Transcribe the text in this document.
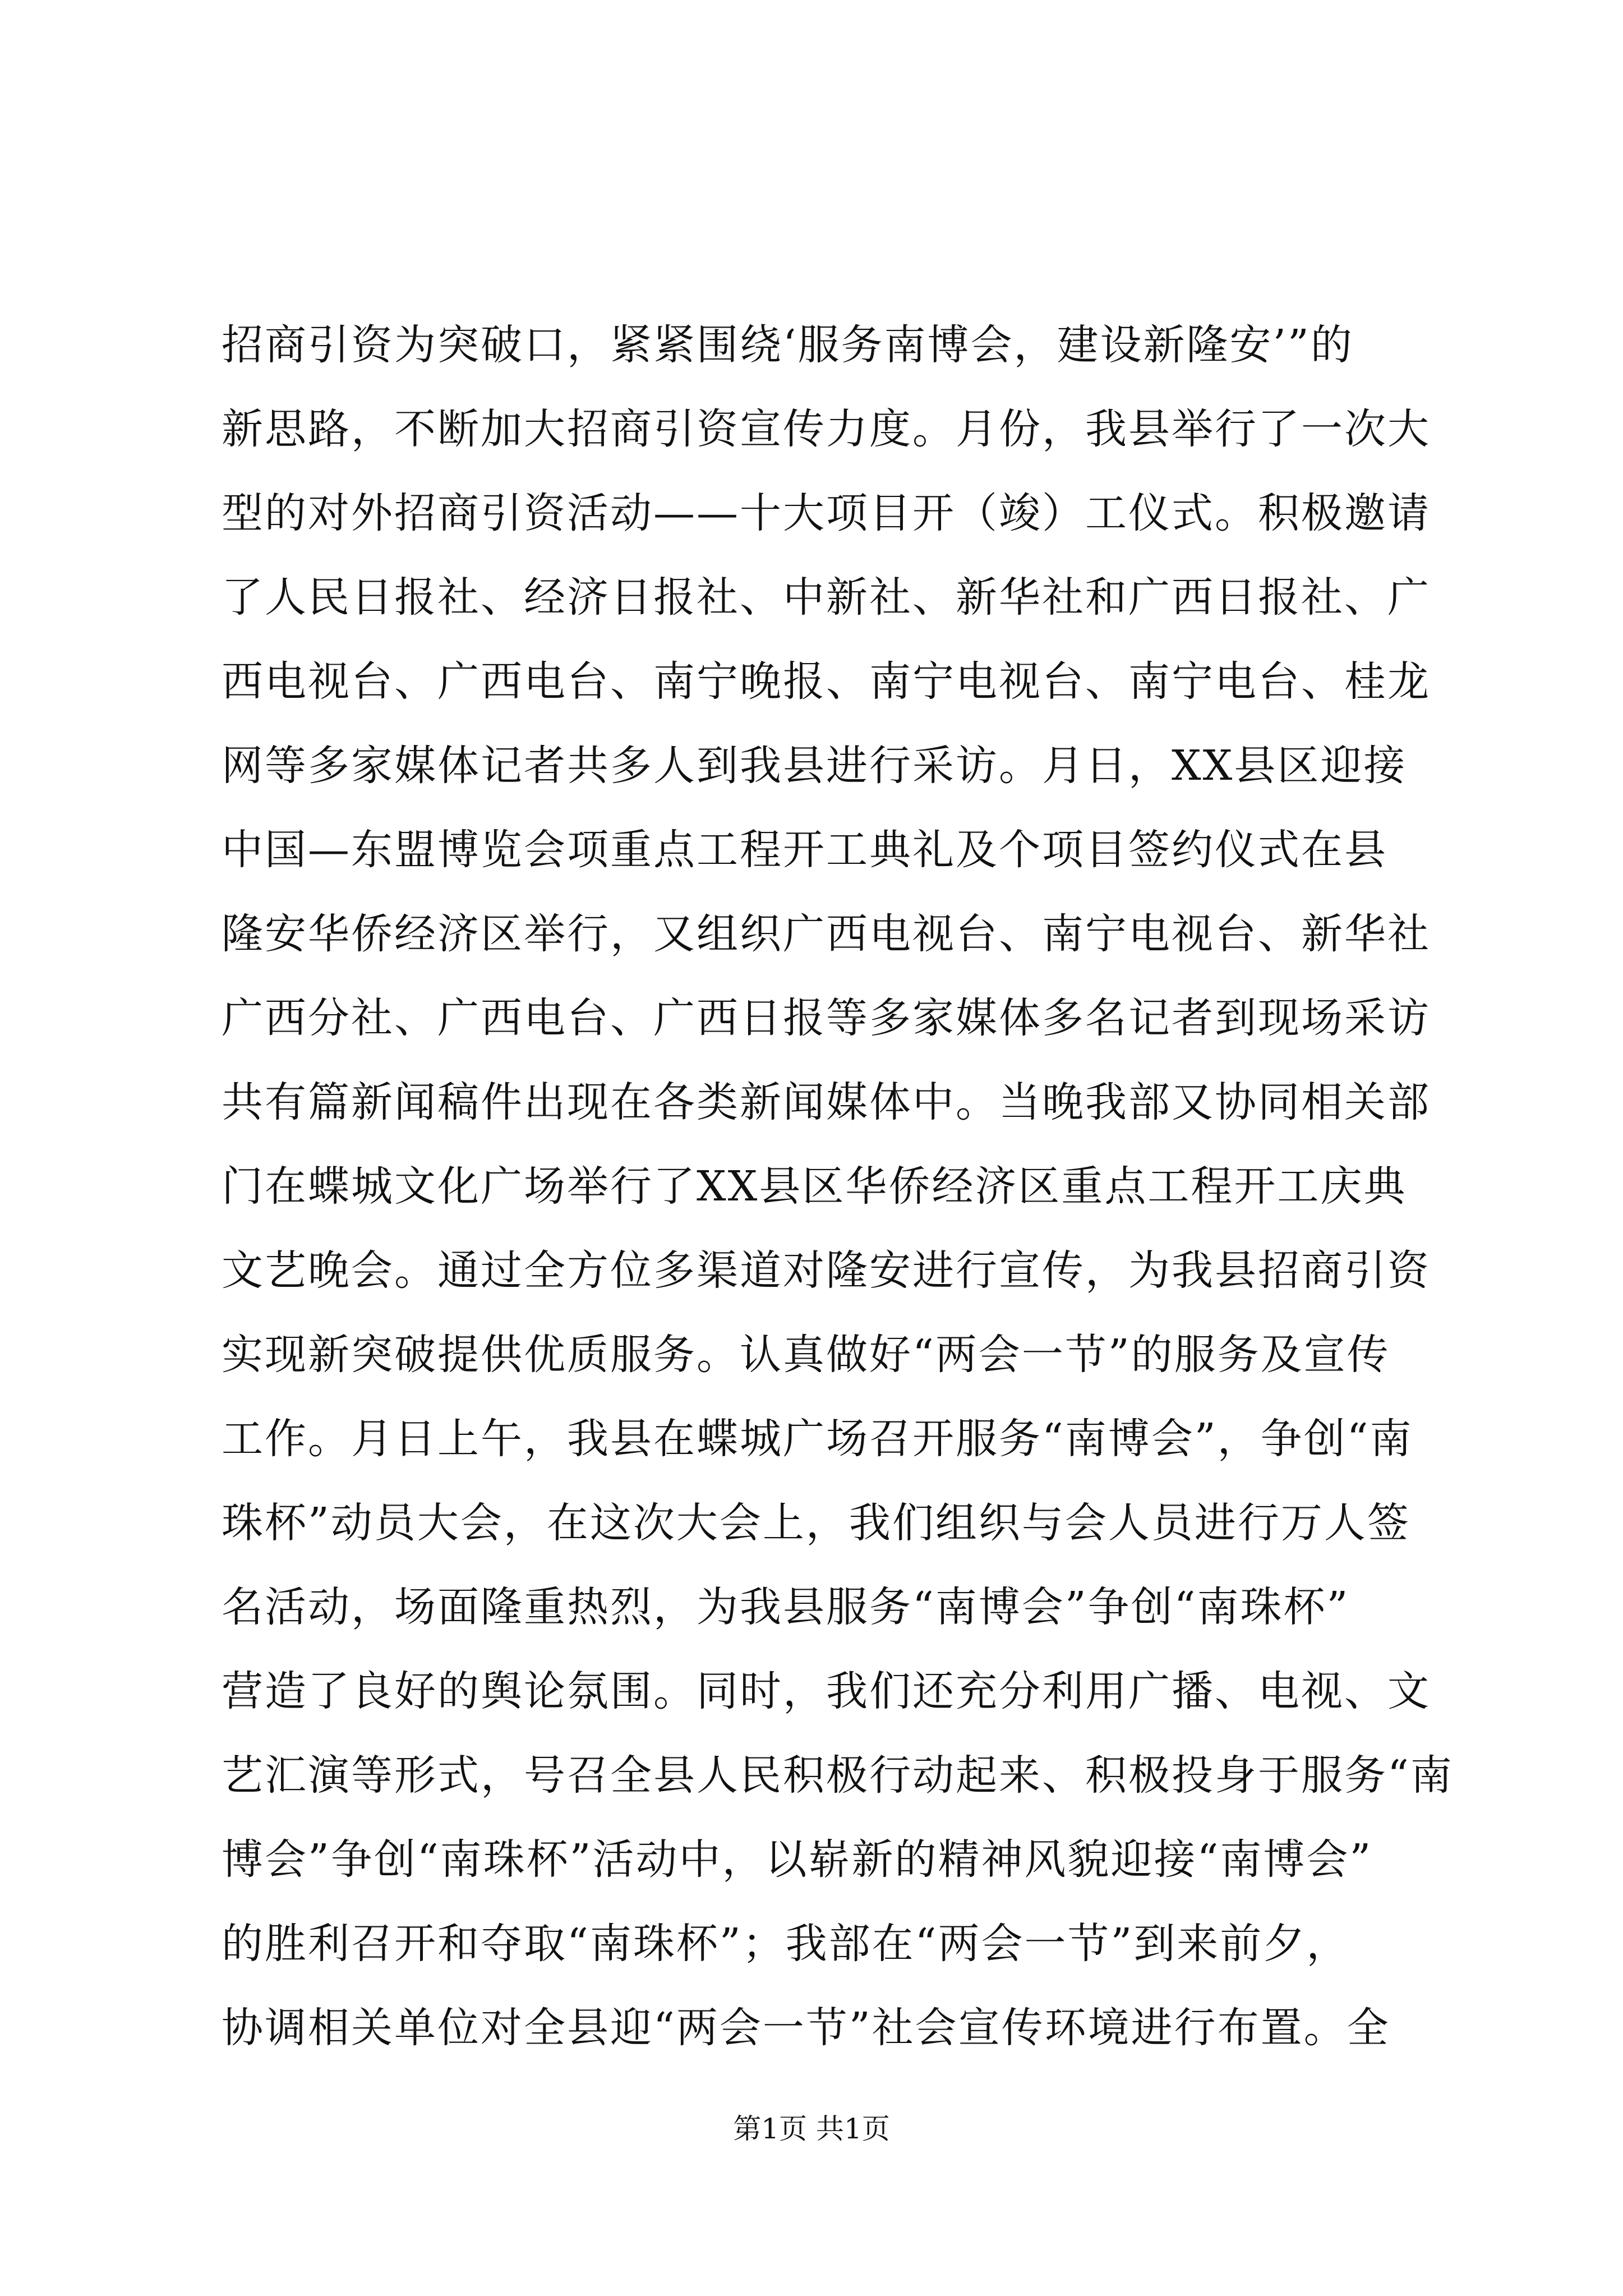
招商引资为突破口，紧紧围绕‘服务南博会，建设新隆安’”的
新思路，不断加大招商引资宣传力度。月份，我县举行了一次大
型的对外招商引资活动——十大项目开（竣）工仪式。积极邀请
了人民日报社、经济日报社、中新社、新华社和广西日报社、广
西电视台、广西电台、南宁晚报、南宁电视台、南宁电台、桂龙
网等多家媒体记者共多人到我县进行采访。月日，XX县区迎接
中国—东盟博览会项重点工程开工典礼及个项目签约仪式在县
隆安华侨经济区举行，又组织广西电视台、南宁电视台、新华社
广西分社、广西电台、广西日报等多家媒体多名记者到现场采访
共有篇新闻稿件出现在各类新闻媒体中。当晚我部又协同相关部
门在蝶城文化广场举行了XX县区华侨经济区重点工程开工庆典
文艺晚会。通过全方位多渠道对隆安进行宣传，为我县招商引资
实现新突破提供优质服务。认真做好“两会一节”的服务及宣传
工作。月日上午，我县在蝶城广场召开服务“南博会”，争创“南
珠杯”动员大会，在这次大会上，我们组织与会人员进行万人签
名活动，场面隆重热烈，为我县服务“南博会”争创“南珠杯”
营造了良好的舆论氛围。同时，我们还充分利用广播、电视、文
艺汇演等形式，号召全县人民积极行动起来、积极投身于服务“南
博会”争创“南珠杯”活动中，以崭新的精神风貌迎接“南博会”
的胜利召开和夺取“南珠杯”；我部在“两会一节”到来前夕，
协调相关单位对全县迎“两会一节”社会宣传环境进行布置。全
第1页 共1页
